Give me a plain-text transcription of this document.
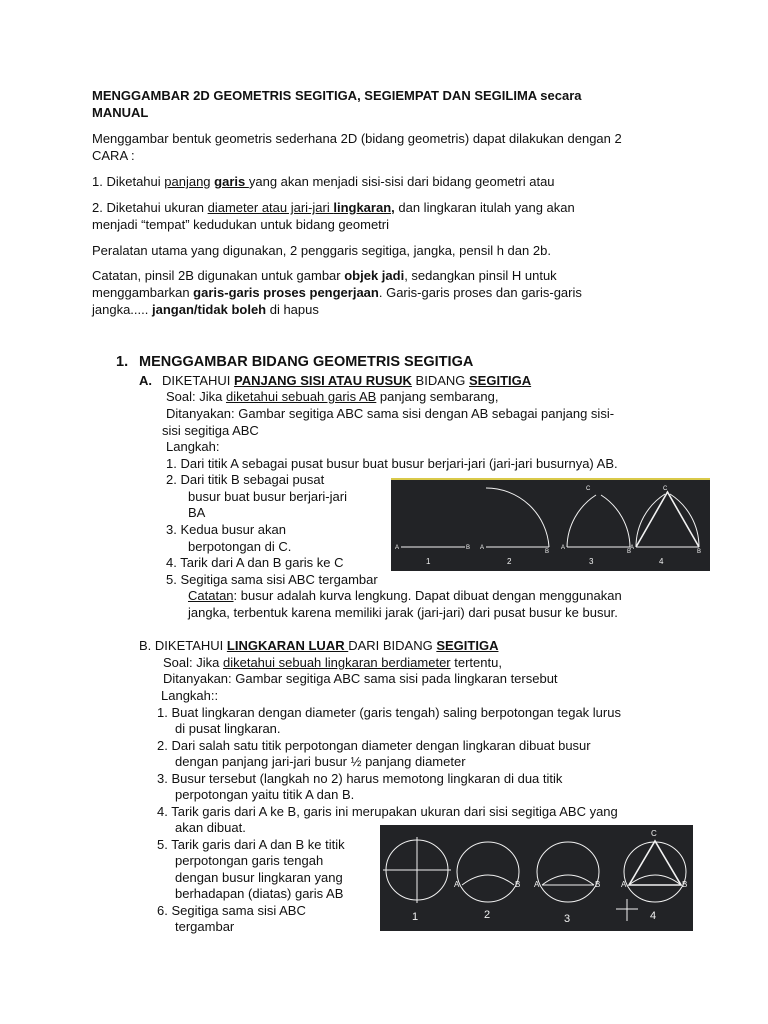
MENGGAMBAR 2D GEOMETRIS SEGITIGA, SEGIEMPAT DAN SEGILIMA secara
MANUAL

Menggambar bentuk geometris sederhana 2D (bidang geometris) dapat dilakukan dengan 2
CARA :

1. Diketahui panjang garis yang akan menjadi sisi-sisi dari bidang geometri atau

2. Diketahui ukuran diameter atau jari-jari lingkaran, dan lingkaran itulah yang akan
menjadi “tempat” kedudukan untuk bidang geometri

Peralatan utama yang digunakan, 2 penggaris segitiga, jangka, pensil h dan 2b.

Catatan, pinsil 2B digunakan untuk gambar objek jadi, sedangkan pinsil H untuk
menggambarkan garis-garis proses pengerjaan. Garis-garis proses dan garis-garis
jangka..... jangan/tidak boleh di hapus

1. MENGGAMBAR BIDANG GEOMETRIS SEGITIGA
A. DIKETAHUI PANJANG SISI ATAU RUSUK BIDANG SEGITIGA
Soal: Jika diketahui sebuah garis AB panjang sembarang,
Ditanyakan: Gambar segitiga ABC sama sisi dengan AB sebagai panjang sisi-
sisi segitiga ABC
Langkah:
1. Dari titik A sebagai pusat busur buat busur berjari-jari (jari-jari busurnya) AB.
2. Dari titik B sebagai pusat
busur buat busur berjari-jari
BA
3. Kedua busur akan
berpotongan di C.
4. Tarik dari A dan B garis ke C
5. Segitiga sama sisi ABC tergambar
Catatan: busur adalah kurva lengkung. Dapat dibuat dengan menggunakan
jangka, terbentuk karena memiliki jarak (jari-jari) dari pusat busur ke busur.
A	B A
B
A
B
A
B
C	C
1	2	3	4
B. DIKETAHUI LINGKARAN LUAR DARI BIDANG SEGITIGA
Soal: Jika diketahui sebuah lingkaran berdiameter tertentu,
Ditanyakan: Gambar segitiga ABC sama sisi pada lingkaran tersebut
Langkah::
1. Buat lingkaran dengan diameter (garis tengah) saling berpotongan tegak lurus
di pusat lingkaran.
2. Dari salah satu titik perpotongan diameter dengan lingkaran dibuat busur
dengan panjang jari-jari busur ½ panjang diameter
3. Busur tersebut (langkah no 2) harus memotong lingkaran di dua titik
perpotongan yaitu titik A dan B.
4. Tarik garis dari A ke B, garis ini merupakan ukuran dari sisi segitiga ABC yang
akan dibuat.
5. Tarik garis dari A dan B ke titik
perpotongan garis tengah
dengan busur lingkaran yang
berhadapan (diatas) garis AB
6. Segitiga sama sisi ABC
tergambar
A	B A	B	A	B
C
1	2	3	4
